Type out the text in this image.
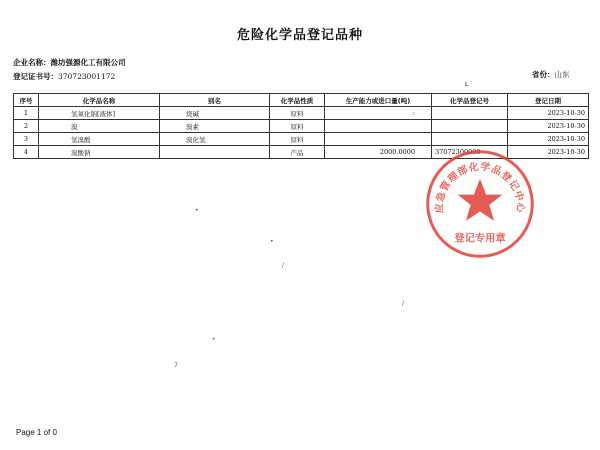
危险化学品登记品种
企业名称：潍坊强源化工有限公司
登记证书号：370723001172	省份：山东
L
序号	化学品名称	别名	化学品性质	生产能力或进口量(吨)	化学品登记号	登记日期
1	氢氧化钠[液体]	烧碱	原料	:		2023-10-30
2	溴	溴素	原料			2023-10-30
3	氢溴酸	溴化氢	原料			2023-10-30
4	溴酸钠		产品	2000.0000	37072300090	2023-10-30
应急管理部化学品登记中心
登记专用章
•
•
/
/
7
•
Page 1 of 0
